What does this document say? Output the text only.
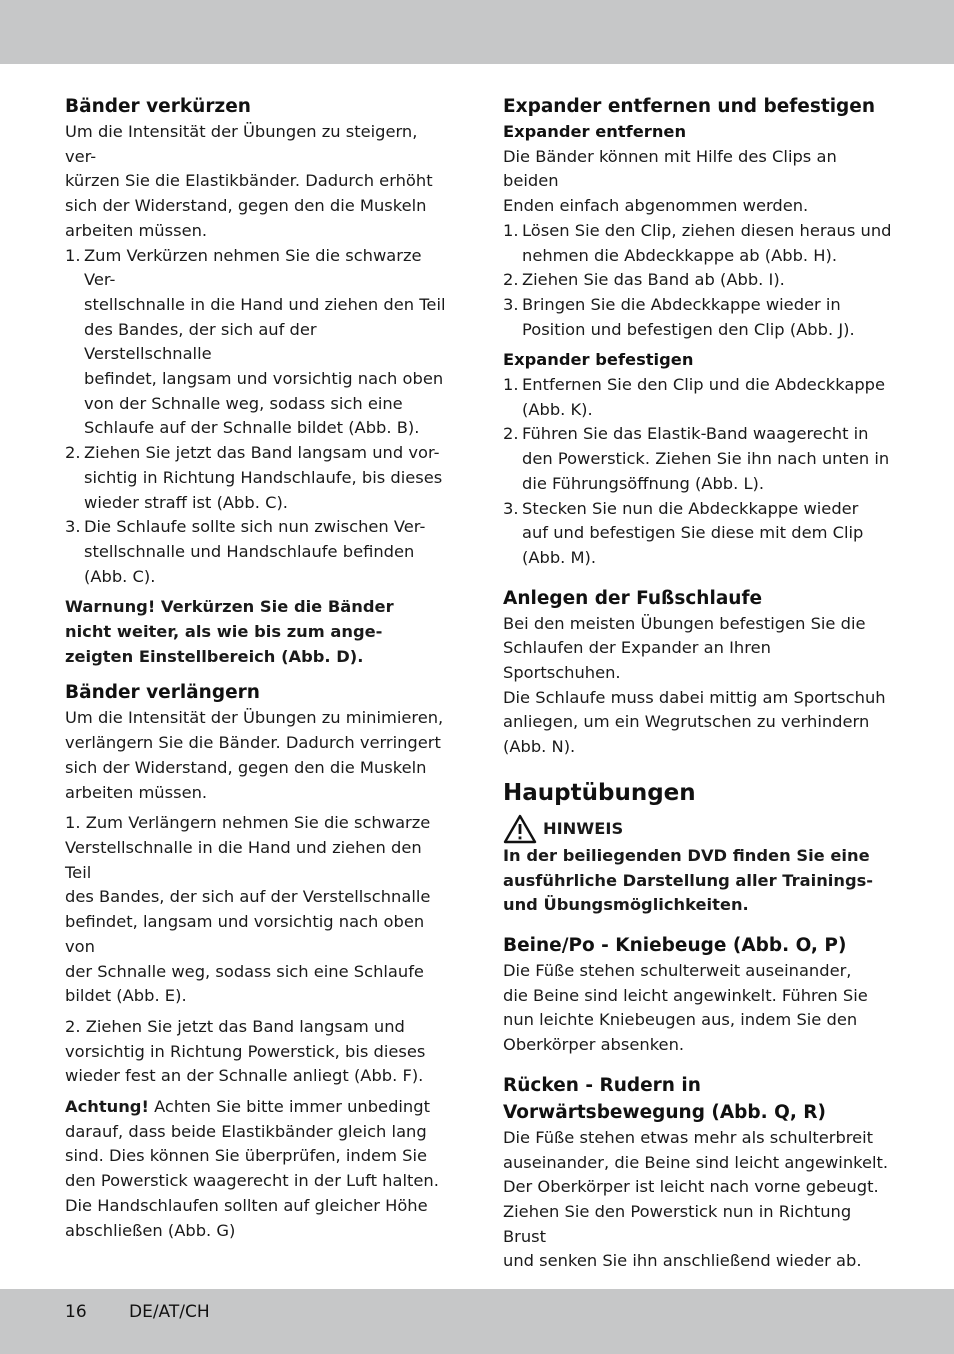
Bänder verkürzen

Um die Intensität der Übungen zu steigern, ver-
kürzen Sie die Elastikbänder. Dadurch erhöht
sich der Widerstand, gegen den die Muskeln
arbeiten müssen.

1. Zum Verkürzen nehmen Sie die schwarze Ver-
stellschnalle in die Hand und ziehen den Teil
des Bandes, der sich auf der Verstellschnalle
befindet, langsam und vorsichtig nach oben
von der Schnalle weg, sodass sich eine
Schlaufe auf der Schnalle bildet (Abb. B).
2. Ziehen Sie jetzt das Band langsam und vor-
sichtig in Richtung Handschlaufe, bis dieses
wieder straff ist (Abb. C).
3. Die Schlaufe sollte sich nun zwischen Ver-
stellschnalle und Handschlaufe befinden
(Abb. C).

Warnung! Verkürzen Sie die Bänder
nicht weiter, als wie bis zum ange-
zeigten Einstellbereich (Abb. D).

Bänder verlängern

Um die Intensität der Übungen zu minimieren,
verlängern Sie die Bänder. Dadurch verringert
sich der Widerstand, gegen den die Muskeln
arbeiten müssen.

1. Zum Verlängern nehmen Sie die schwarze
Verstellschnalle in die Hand und ziehen den Teil
des Bandes, der sich auf der Verstellschnalle
befindet, langsam und vorsichtig nach oben von
der Schnalle weg, sodass sich eine Schlaufe
bildet (Abb. E).

2. Ziehen Sie jetzt das Band langsam und
vorsichtig in Richtung Powerstick, bis dieses
wieder fest an der Schnalle anliegt (Abb. F).

Achtung! Achten Sie bitte immer unbedingt
darauf, dass beide Elastikbänder gleich lang
sind. Dies können Sie überprüfen, indem Sie
den Powerstick waagerecht in der Luft halten.
Die Handschlaufen sollten auf gleicher Höhe
abschließen (Abb. G)

Expander entfernen und befestigen
Expander entfernen

Die Bänder können mit Hilfe des Clips an beiden
Enden einfach abgenommen werden.

1. Lösen Sie den Clip, ziehen diesen heraus und
nehmen die Abdeckkappe ab (Abb. H).
2. Ziehen Sie das Band ab (Abb. I).
3. Bringen Sie die Abdeckkappe wieder in
Position und befestigen den Clip (Abb. J).
Expander befestigen
1. Entfernen Sie den Clip und die Abdeckkappe
(Abb. K).
2. Führen Sie das Elastik-Band waagerecht in
den Powerstick. Ziehen Sie ihn nach unten in
die Führungsöffnung (Abb. L).
3. Stecken Sie nun die Abdeckkappe wieder
auf und befestigen Sie diese mit dem Clip
(Abb. M).
Anlegen der Fußschlaufe

Bei den meisten Übungen befestigen Sie die
Schlaufen der Expander an Ihren Sportschuhen.
Die Schlaufe muss dabei mittig am Sportschuh
anliegen, um ein Wegrutschen zu verhindern
(Abb. N).

Hauptübungen
HINWEIS

In der beiliegenden DVD finden Sie eine
ausführliche Darstellung aller Trainings-
und Übungsmöglichkeiten.

Beine/Po - Kniebeuge (Abb. O, P)

Die Füße stehen schulterweit auseinander,
die Beine sind leicht angewinkelt. Führen Sie
nun leichte Kniebeugen aus, indem Sie den
Oberkörper absenken.

Rücken - Rudern in
Vorwärtsbewegung (Abb. Q, R)

Die Füße stehen etwas mehr als schulterbreit
auseinander, die Beine sind leicht angewinkelt.
Der Oberkörper ist leicht nach vorne gebeugt.
Ziehen Sie den Powerstick nun in Richtung Brust
und senken Sie ihn anschließend wieder ab.

16 DE/AT/CH
